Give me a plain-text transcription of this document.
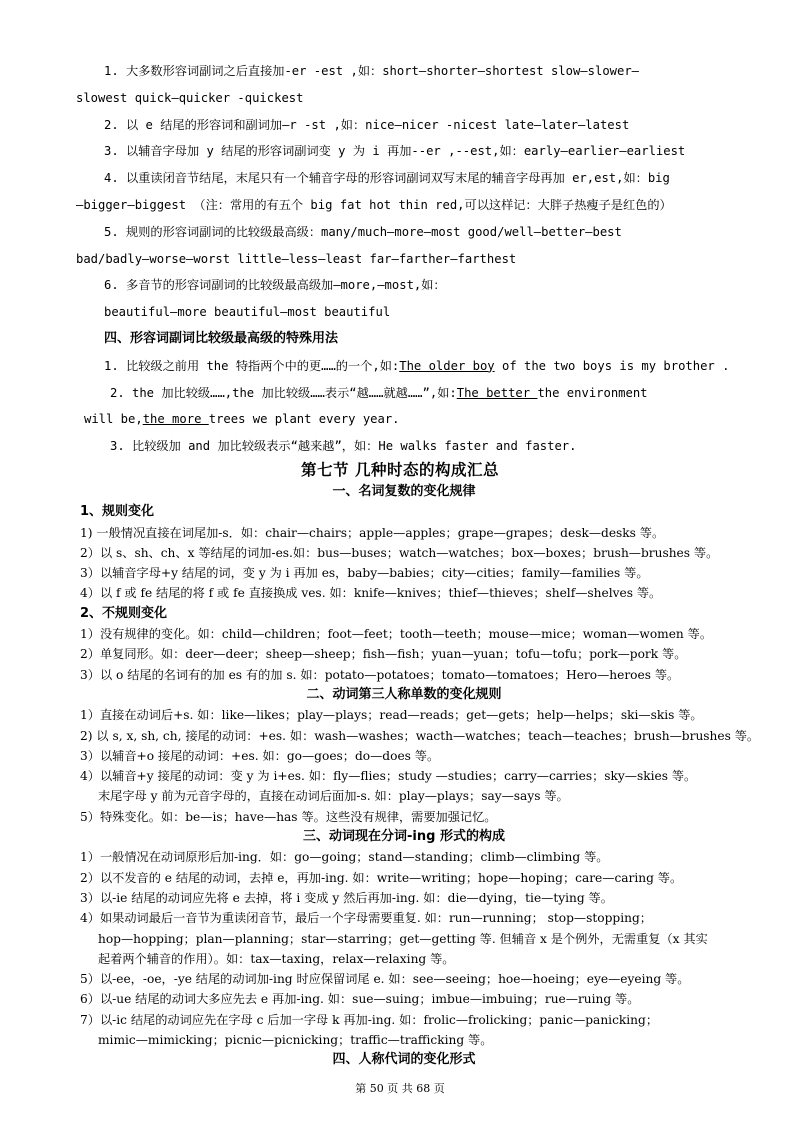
1. 大多数形容词副词之后直接加-er -est ,如：short—shorter—shortest slow—slower—

slowest quick—quicker -quickest

2. 以 e 结尾的形容词和副词加—r -st ,如：nice—nicer -nicest late—later—latest

3. 以辅音字母加 y 结尾的形容词副词变 y 为 i 再加--er ,--est,如：early—earlier—earliest

4. 以重读闭音节结尾，末尾只有一个辅音字母的形容词副词双写末尾的辅音字母再加 er,est,如：big

—bigger—biggest （注：常用的有五个 big fat hot thin red,可以这样记：大胖子热瘦子是红色的）

5. 规则的形容词副词的比较级最高级：many/much—more—most good/well—better—best

bad/badly—worse—worst little—less—least far—farther—farthest

6. 多音节的形容词副词的比较级最高级加—more,—most,如：

beautiful—more beautiful—most beautiful

四、形容词副词比较级最高级的特殊用法

1. 比较级之前用 the 特指两个中的更……的一个,如:The older boy of the two boys is my brother .

2. the 加比较级……,the 加比较级……表示“越……就越……”,如:The better the environment

will be,the more trees we plant every year.

3. 比较级加 and 加比较级表示“越来越”，如：He walks faster and faster.

第七节 几种时态的构成汇总

一、名词复数的变化规律

1、规则变化

1) 一般情况直接在词尾加-s．如：chair—chairs；apple—apples；grape—grapes；desk—desks 等。

2）以 s、sh、ch、x 等结尾的词加-es.如：bus—buses；watch—watches；box—boxes；brush—brushes 等。

3）以辅音字母+y 结尾的词，变 y 为 i 再加 es，baby—babies；city—cities；family—families 等。

4）以 f 或 fe 结尾的将 f 或 fe 直接换成 ves. 如：knife—knives；thief—thieves；shelf—shelves 等。

2、不规则变化

1）没有规律的变化。如：child—children；foot—feet；tooth—teeth；mouse—mice；woman—women 等。

2）单复同形。如：deer—deer；sheep—sheep；fish—fish；yuan—yuan；tofu—tofu；pork—pork 等。

3）以 o 结尾的名词有的加 es 有的加 s. 如：potato—potatoes；tomato—tomatoes；Hero—heroes 等。

二、动词第三人称单数的变化规则

1）直接在动词后+s. 如：like—likes；play—plays；read—reads；get—gets；help—helps；ski—skis 等。

2) 以 s, x, sh, ch, 接尾的动词：+es. 如：wash—washes；wacth—watches；teach—teaches；brush—brushes 等。

3）以辅音+o 接尾的动词：+es. 如：go—goes；do—does 等。

4）以辅音+y 接尾的动词：变 y 为 i+es. 如：fly—flies；study —studies；carry—carries；sky—skies 等。

末尾字母 y 前为元音字母的，直接在动词后面加-s. 如：play—plays；say—says 等。

5）特殊变化。如：be—is；have—has 等。这些没有规律，需要加强记忆。

三、动词现在分词-ing 形式的构成

1）一般情况在动词原形后加-ing．如：go—going；stand—standing；climb—climbing 等。

2）以不发音的 e 结尾的动词，去掉 e，再加-ing. 如：write—writing；hope—hoping；care—caring 等。

3）以-ie 结尾的动词应先将 e 去掉，将 i 变成 y 然后再加-ing. 如：die—dying，tie—tying 等。

4）如果动词最后一音节为重读闭音节，最后一个字母需要重复. 如：run—running； stop—stopping；

hop—hopping；plan—planning；star—starring；get—getting 等. 但辅音 x 是个例外，无需重复（x 其实

起着两个辅音的作用）。如：tax—taxing，relax—relaxing 等。

5）以-ee，-oe，-ye 结尾的动词加-ing 时应保留词尾 e. 如：see—seeing；hoe—hoeing；eye—eyeing 等。

6）以-ue 结尾的动词大多应先去 e 再加-ing. 如：sue—suing；imbue—imbuing；rue—ruing 等。

7）以-ic 结尾的动词应先在字母 c 后加一字母 k 再加-ing. 如：frolic—frolicking；panic—panicking；

mimic—mimicking；picnic—picnicking；traffic—trafficking 等。

四、人称代词的变化形式

第 50 页 共 68 页
